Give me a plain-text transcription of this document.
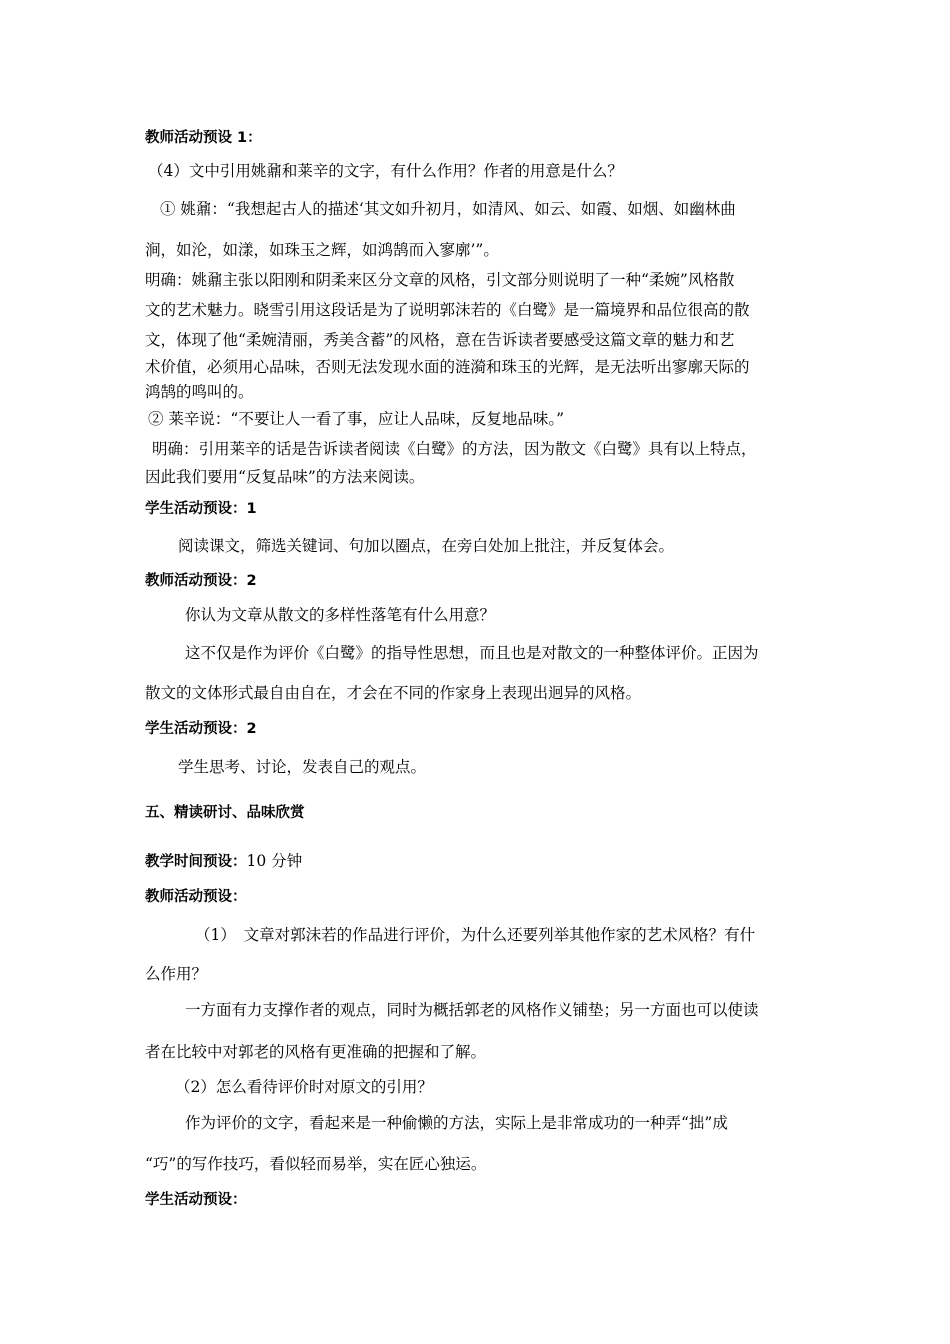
教师活动预设 1：
（4）文中引用姚鼐和莱辛的文字，有什么作用？作者的用意是什么？
① 姚鼐：“我想起古人的描述‘其文如升初月，如清风、如云、如霞、如烟、如幽林曲
涧，如沦，如漾，如珠玉之辉，如鸿鹄而入寥廓’”。
明确：姚鼐主张以阳刚和阴柔来区分文章的风格，引文部分则说明了一种“柔婉”风格散
文的艺术魅力。晓雪引用这段话是为了说明郭沫若的《白鹭》是一篇境界和品位很高的散
文，体现了他“柔婉清丽，秀美含蓄”的风格，意在告诉读者要感受这篇文章的魅力和艺
术价值，必须用心品味，否则无法发现水面的涟漪和珠玉的光辉，是无法听出寥廓天际的
鸿鹄的鸣叫的。
② 莱辛说：“不要让人一看了事，应让人品味，反复地品味。”
明确：引用莱辛的话是告诉读者阅读《白鹭》的方法，因为散文《白鹭》具有以上特点，
因此我们要用“反复品味”的方法来阅读。
学生活动预设：1
阅读课文，筛选关键词、句加以圈点，在旁白处加上批注，并反复体会。
教师活动预设：2
你认为文章从散文的多样性落笔有什么用意？
这不仅是作为评价《白鹭》的指导性思想，而且也是对散文的一种整体评价。正因为
散文的文体形式最自由自在，才会在不同的作家身上表现出迥异的风格。
学生活动预设：2
学生思考、讨论，发表自己的观点。
五、精读研讨、品味欣赏
教学时间预设：10 分钟
教师活动预设：
（1）　文章对郭沫若的作品进行评价，为什么还要列举其他作家的艺术风格？有什
么作用？
一方面有力支撑作者的观点，同时为概括郭老的风格作义铺垫；另一方面也可以使读
者在比较中对郭老的风格有更准确的把握和了解。
（2）怎么看待评价时对原文的引用？
作为评价的文字，看起来是一种偷懒的方法，实际上是非常成功的一种弄“拙”成
“巧”的写作技巧，看似轻而易举，实在匠心独运。
学生活动预设：
